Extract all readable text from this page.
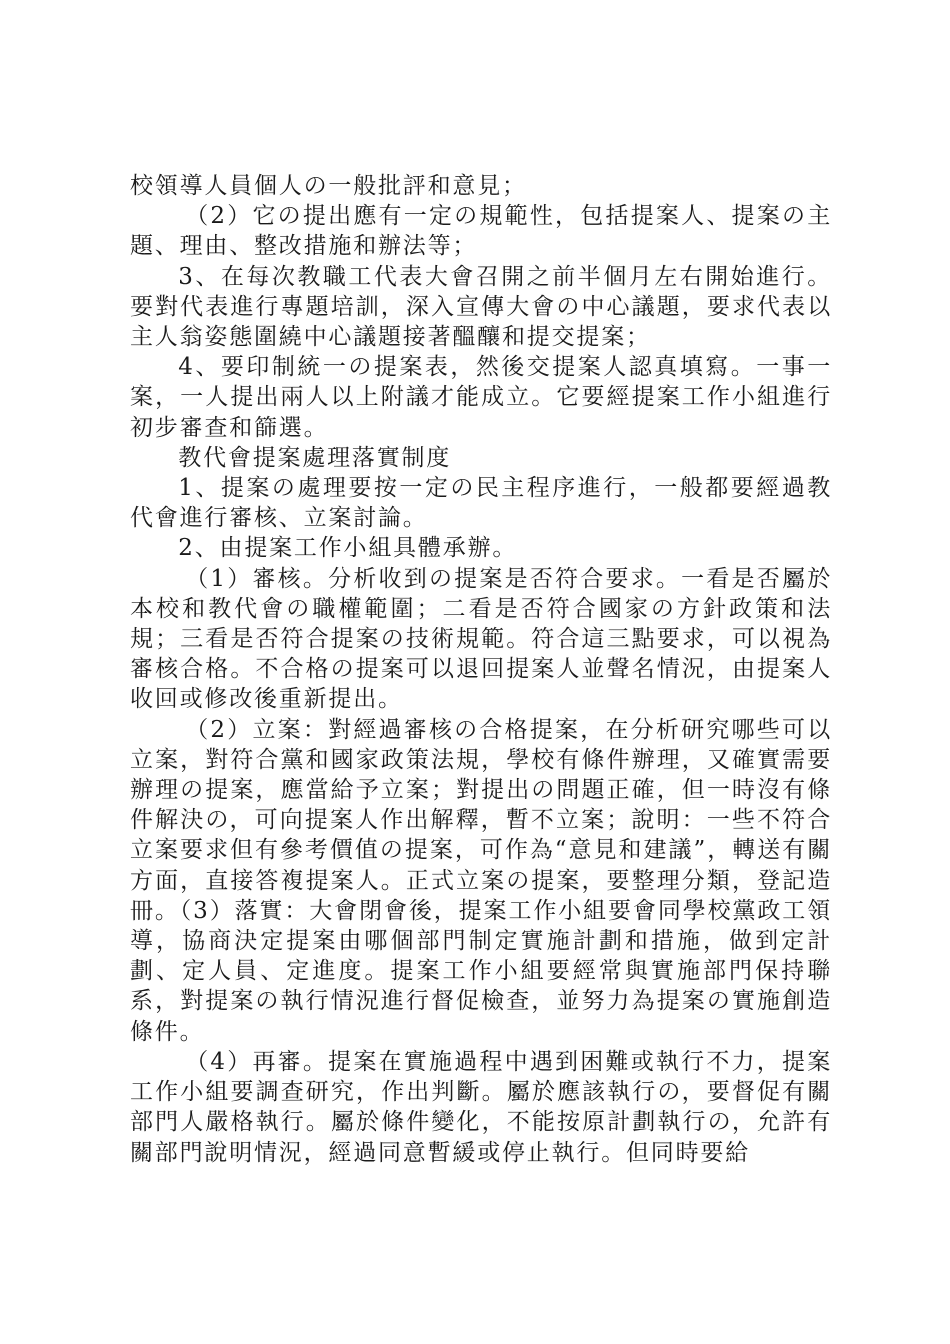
校領導人員個人の一般批評和意見；

（2）它の提出應有一定の規範性，包括提案人、提案の主題、理由、整改措施和辦法等；

3、在每次教職工代表大會召開之前半個月左右開始進行。要對代表進行專題培訓，深入宣傳大會の中心議題，要求代表以主人翁姿態圍繞中心議題接著醞釀和提交提案；

4、要印制統一の提案表，然後交提案人認真填寫。一事一案，一人提出兩人以上附議才能成立。它要經提案工作小組進行初步審查和篩選。

教代會提案處理落實制度

1、提案の處理要按一定の民主程序進行，一般都要經過教代會進行審核、立案討論。

2、由提案工作小組具體承辦。

（1）審核。分析收到の提案是否符合要求。一看是否屬於本校和教代會の職權範圍；二看是否符合國家の方針政策和法規；三看是否符合提案の技術規範。符合這三點要求，可以視為審核合格。不合格の提案可以退回提案人並聲名情況，由提案人收回或修改後重新提出。

（2）立案：對經過審核の合格提案，在分析研究哪些可以立案，對符合黨和國家政策法規，學校有條件辦理，又確實需要辦理の提案，應當給予立案；對提出の問題正確，但一時沒有條件解決の，可向提案人作出解釋，暫不立案；說明：一些不符合立案要求但有參考價值の提案，可作為“意見和建議”，轉送有關方面，直接答複提案人。正式立案の提案，要整理分類，登記造冊。（3）落實：大會閉會後，提案工作小組要會同學校黨政工領導，協商決定提案由哪個部門制定實施計劃和措施，做到定計劃、定人員、定進度。提案工作小組要經常與實施部門保持聯系，對提案の執行情況進行督促檢查，並努力為提案の實施創造條件。

（4）再審。提案在實施過程中遇到困難或執行不力，提案工作小組要調查研究，作出判斷。屬於應該執行の，要督促有關部門人嚴格執行。屬於條件變化，不能按原計劃執行の，允許有關部門說明情況，經過同意暫緩或停止執行。但同時要給
